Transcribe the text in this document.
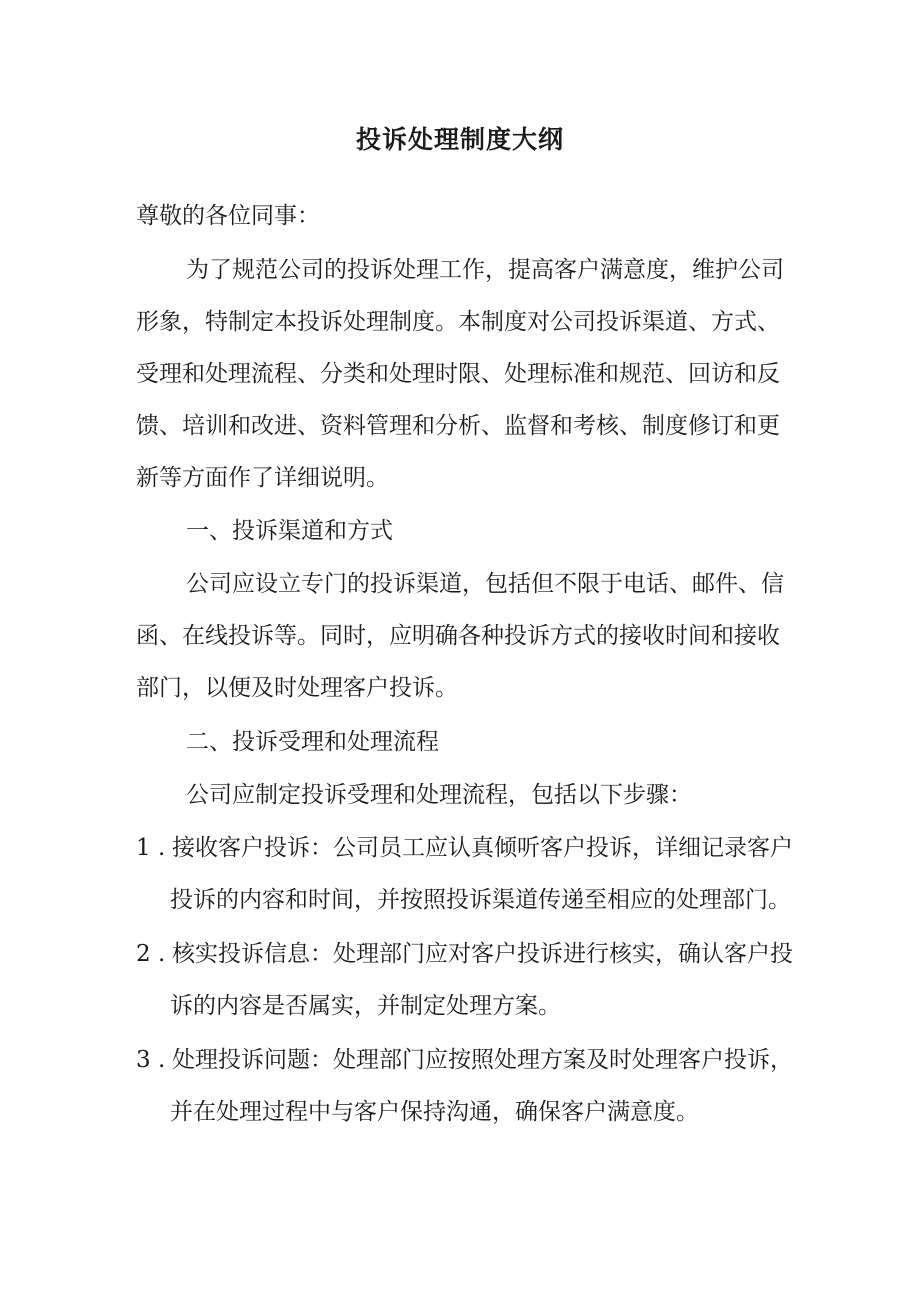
投诉处理制度大纲
尊敬的各位同事：
为了规范公司的投诉处理工作，提高客户满意度，维护公司
形象，特制定本投诉处理制度。本制度对公司投诉渠道、方式、
受理和处理流程、分类和处理时限、处理标准和规范、回访和反
馈、培训和改进、资料管理和分析、监督和考核、制度修订和更
新等方面作了详细说明。
一、投诉渠道和方式
公司应设立专门的投诉渠道，包括但不限于电话、邮件、信
函、在线投诉等。同时，应明确各种投诉方式的接收时间和接收
部门，以便及时处理客户投诉。
二、投诉受理和处理流程
公司应制定投诉受理和处理流程，包括以下步骤：
1 . 接收客户投诉：公司员工应认真倾听客户投诉，详细记录客户
投诉的内容和时间，并按照投诉渠道传递至相应的处理部门。
2 . 核实投诉信息：处理部门应对客户投诉进行核实，确认客户投
诉的内容是否属实，并制定处理方案。
3 . 处理投诉问题：处理部门应按照处理方案及时处理客户投诉，
并在处理过程中与客户保持沟通，确保客户满意度。
